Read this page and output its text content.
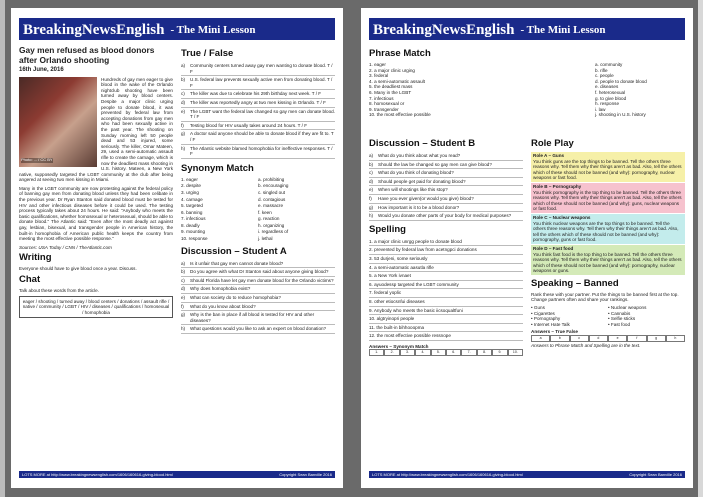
BreakingNewsEnglish - The Mini Lesson
Gay men refused as blood donors after Orlando shooting
16th June, 2016
Photo: ... / CC BY

Hundreds of gay men eager to give blood in the wake of the Orlando nightclub shooting have been turned away by blood centers. Despite a major clinic urging people to donate blood, it was prevented by federal law from accepting donations from gay men who had been sexually active in the past year. The shooting on Sunday morning left 50 people dead and 53 injured, some seriously. The killer, Omar Mateen, 29, used a semi-automatic assault rifle to create the carnage, which is now the deadliest mass shooting in U.S. history. Mateen, a New York native, supposedly targeted the LGBT community at the club after being angered at seeing two men kissing in Miami.

Many in the LGBT community are now protesting against the federal policy of banning gay men from donating blood unless they had been celibate in the previous year. Dr Ryan Stanton said donated blood must be tested for HIV and other infectious diseases before it could be used. The testing process typically takes about 24 hours. He said: "Anybody who meets the basic qualifications, whether homosexual or heterosexual, should be able to donate blood." The Atlantic said: "Even after the most deadly act against gay, lesbian, bisexual, and transgender people in American history, the built-in homophobia of American public health keeps the country from meeting the most effective possible response."

Sources: USA Today / CNN / TheAtlantic.com
Writing
Everyone should have to give blood once a year. Discuss.
Chat
Talk about these words from the article.
eager / shooting / turned away / blood centers / donations / assault rifle / native / community / LGBT / HIV / diseases / qualifications / homosexual / homophobia
True / False
a)	Community centers turned away gay men wanting to donate blood. T / F
b)	U.S. federal law prevents sexually active men from donating blood. T / F
c)	The killer was due to celebrate his 29th birthday next week. T / F
d)	The killer was reportedly angry at two men kissing in Orlando. T / F
e)	The LGBT want the federal law changed so gay men can donate blood. T / F
f)	Testing blood for HIV usually takes around 24 hours. T / F
g)	A doctor said anyone should be able to donate blood if they are fit to. T / F
h)	The Atlantic website blamed homophobia for ineffective responses. T / F
Synonym Match
1. eager	a. prohibiting
2. despite	b. encouraging
3. urging	c. singled out
4. carnage	d. contagious
5. targeted	e. massacre
6. banning	f. keen
7. infectious	g. reaction
8. deadly	h. organizing
9. mounting	i. regardless of
10. response	j. lethal
Discussion – Student A
a)	Is it unfair that gay men cannot donate blood?
b)	Do you agree with what Dr Stanton said about anyone giving blood?
c)	Should Florida have let gay men donate blood for the Orlando victims?
d)	Why does homophobia exist?
e)	What can society do to reduce homophobia?
f)	What do you know about blood?
g)	Why is the ban in place if all blood is tested for HIV and other diseases?
h)	What questions would you like to ask an expert on blood donation?
LOTS MORE at http://www.breakingnewsenglish.com/1606/160616-giving-blood.html	Copyright Sean Banville 2016
BreakingNewsEnglish - The Mini Lesson
Phrase Match
1. eager	a. community
2. a major clinic urging	b. rifle
3. federal	c. people
4. a semi-automatic assault	d. people to donate blood
5. the deadliest mass	e. diseases
6. Many in the LGBT	f. heterosexual
7. infectious	g. to give blood
8. homosexual or	h. response
9. transgender	i. law
10. the most effective possible	j. shooting in U.S. history
Discussion – Student B
a)	What do you think about what you read?
b)	Should the law be changed so gay men can give blood?
c)	What do you think of donating blood?
d)	Should people get paid for donating blood?
e)	When will shootings like this stop?
f)	Have you ever given(or would you give) blood?
g)	How important is it to be a blood donor?
h)	Would you donate other parts of your body for medical purposes?
Spelling
1. a major clinic unrgg people to donate blood
2. prevented by federal law from acetngpci donations
3. 53 durjeni, some seriously
4. a semi-automatic aasutla rifle
5. a New York ivnaet
6. ayuodessp targeted the LGBT community
7. federal yoplic
8. other etiocsnfui diseases
9. Anybody who meets the basic iicsoqualtfuni
10. algtryinopri people
11. the built-in bihhooopma
12. the most effective possible ressnope
Answers – Synonym Match
1.	2.	3.	4.	5.	6.	7.	8.	9.	10.
Role Play
Role A – Guns
You think guns are the top things to be banned. Tell the others three reasons why. Tell them why their things aren't as bad. Also, tell the others which of these should not be banned (and why): pornography, nuclear weapons or fast food.
Role B – Pornography
You think pornography is the top thing to be banned. Tell the others three reasons why. Tell them why their things aren't as bad. Also, tell the others which of these should not be banned (and why): guns, nuclear weapons or fast food.
Role C – Nuclear weapons
You think nuclear weapons are the top things to be banned. Tell the others three reasons why. Tell them why their things aren't as bad. Also, tell the others which of these should not be banned (and why): pornography, guns or fast food.
Role D – Fast food
You think fast food is the top thing to be banned. Tell the others three reasons why. Tell them why their things aren't as bad. Also, tell the others which of these should not be banned (and why): pornography, nuclear weapons or guns.
Speaking – Banned
Rank these with your partner. Put the things to be banned first at the top. Change partners often and share your rankings.
• Guns	• Nuclear weapons
• Cigarettes	• Cannabis
• Pornography	• Selfie sticks
• Internet Hate Talk	• Fast food
Answers – True False
a	b	c	d	e	f	g	h
Answers to Phrase Match and Spelling are in the text.
LOTS MORE at http://www.breakingnewsenglish.com/1606/160616-giving-blood.html	Copyright Sean Banville 2016
